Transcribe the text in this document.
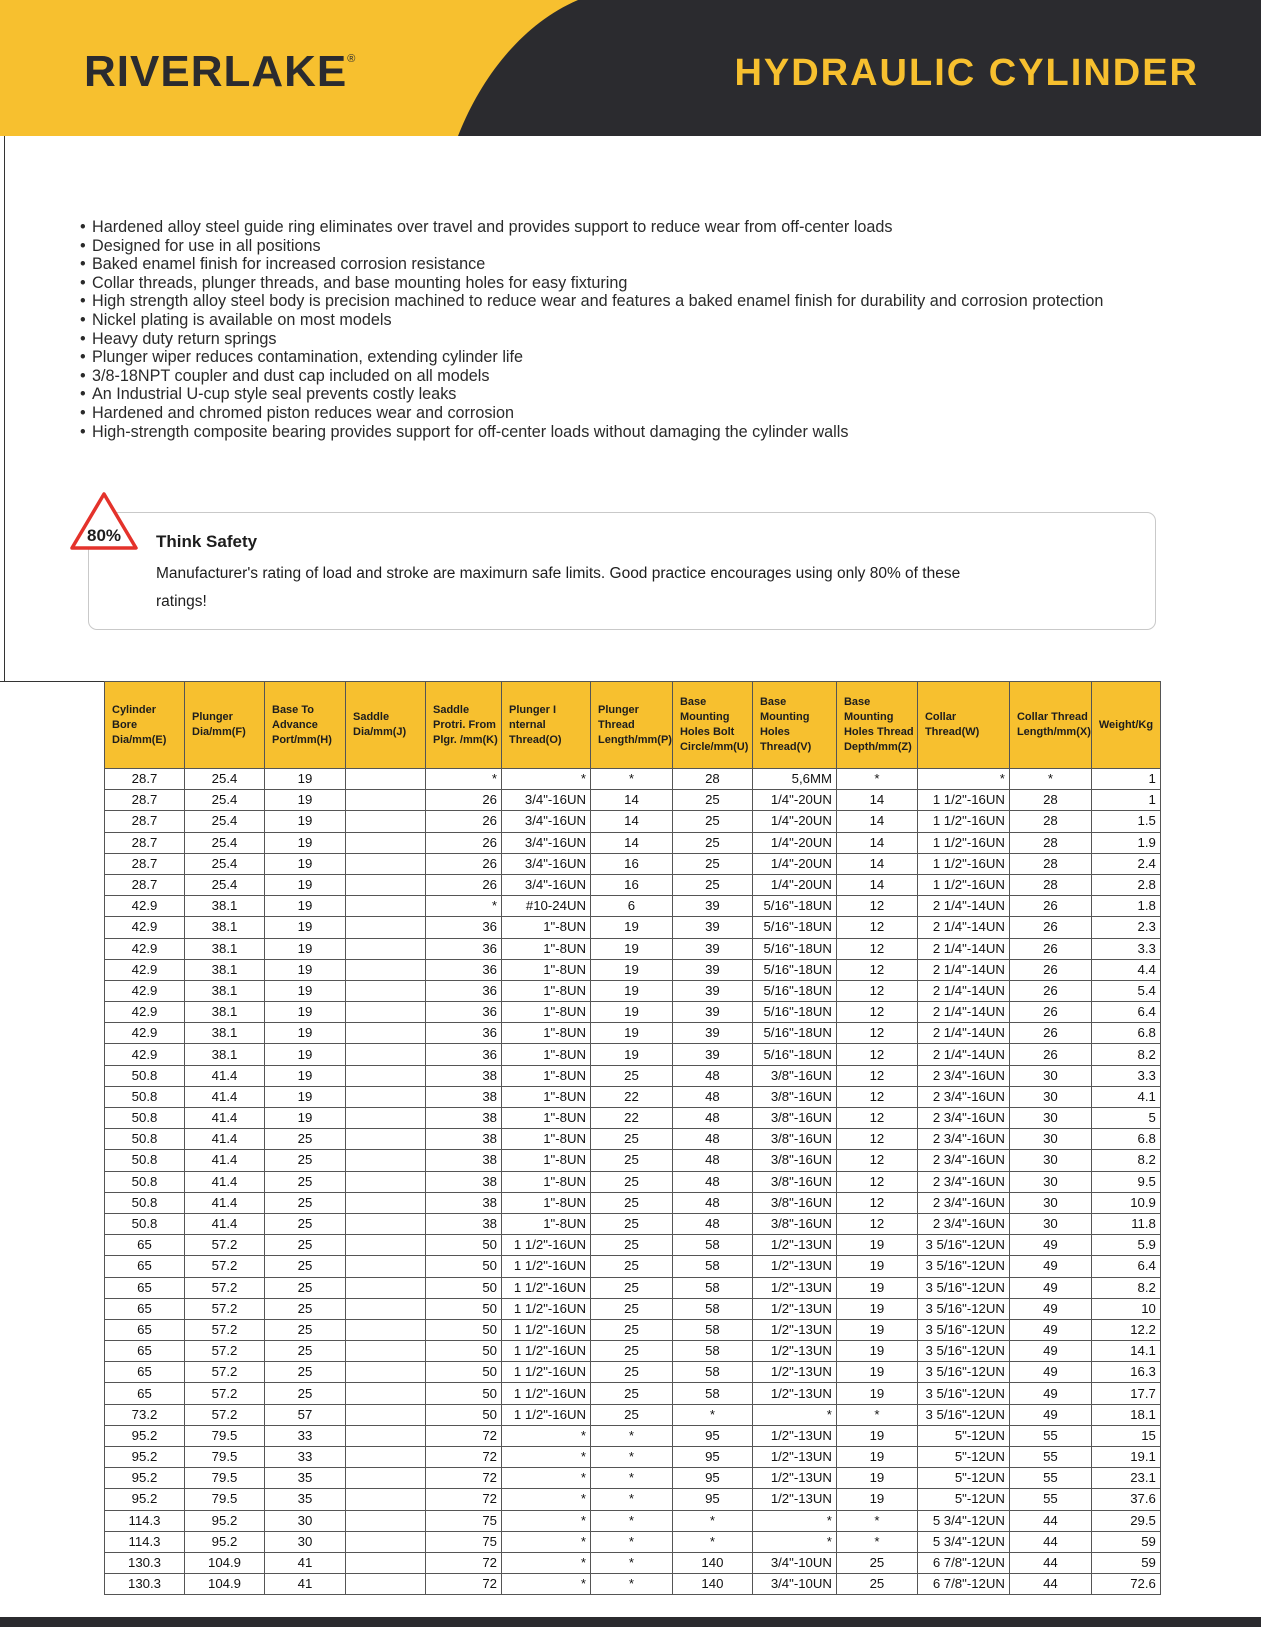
RIVERLAKE®	HYDRAULIC CYLINDER
• Hardened alloy steel guide ring eliminates over travel and provides support to reduce wear from off-center loads
• Designed for use in all positions
• Baked enamel finish for increased corrosion resistance
• Collar threads, plunger threads, and base mounting holes for easy fixturing
• High strength alloy steel body is precision machined to reduce wear and features a baked enamel finish for durability and corrosion protection
• Nickel plating is available on most models
• Heavy duty return springs
• Plunger wiper reduces contamination, extending cylinder life
• 3/8-18NPT coupler and dust cap included on all models
• An Industrial U-cup style seal prevents costly leaks
• Hardened and chromed piston reduces wear and corrosion
• High-strength composite bearing provides support for off-center loads without damaging the cylinder walls
80%	Think Safety
Manufacturer's rating of load and stroke are maximurn safe limits. Good practice encourages using only 80% of these ratings!
Cylinder Bore Dia/mm(E)	Plunger Dia/mm(F)	Base To Advance Port/mm(H)	Saddle Dia/mm(J)	Saddle Protri. From Plgr. /mm(K)	Plunger I nternal Thread(O)	Plunger Thread Length/mm(P)	Base Mounting Holes Bolt Circle/mm(U)	Base Mounting Holes Thread(V)	Base Mounting Holes Thread Depth/mm(Z)	Collar Thread(W)	Collar Thread Length/mm(X)	Weight/Kg
28.7	25.4	19		*	*	*	28	5,6MM	*	*	*	1
28.7	25.4	19		26	3/4"-16UN	14	25	1/4"-20UN	14	1 1/2"-16UN	28	1
28.7	25.4	19		26	3/4"-16UN	14	25	1/4"-20UN	14	1 1/2"-16UN	28	1.5
28.7	25.4	19		26	3/4"-16UN	14	25	1/4"-20UN	14	1 1/2"-16UN	28	1.9
28.7	25.4	19		26	3/4"-16UN	16	25	1/4"-20UN	14	1 1/2"-16UN	28	2.4
28.7	25.4	19		26	3/4"-16UN	16	25	1/4"-20UN	14	1 1/2"-16UN	28	2.8
42.9	38.1	19		*	#10-24UN	6	39	5/16"-18UN	12	2 1/4"-14UN	26	1.8
42.9	38.1	19		36	1"-8UN	19	39	5/16"-18UN	12	2 1/4"-14UN	26	2.3
42.9	38.1	19		36	1"-8UN	19	39	5/16"-18UN	12	2 1/4"-14UN	26	3.3
42.9	38.1	19		36	1"-8UN	19	39	5/16"-18UN	12	2 1/4"-14UN	26	4.4
42.9	38.1	19		36	1"-8UN	19	39	5/16"-18UN	12	2 1/4"-14UN	26	5.4
42.9	38.1	19		36	1"-8UN	19	39	5/16"-18UN	12	2 1/4"-14UN	26	6.4
42.9	38.1	19		36	1"-8UN	19	39	5/16"-18UN	12	2 1/4"-14UN	26	6.8
42.9	38.1	19		36	1"-8UN	19	39	5/16"-18UN	12	2 1/4"-14UN	26	8.2
50.8	41.4	19		38	1"-8UN	25	48	3/8"-16UN	12	2 3/4"-16UN	30	3.3
50.8	41.4	19		38	1"-8UN	22	48	3/8"-16UN	12	2 3/4"-16UN	30	4.1
50.8	41.4	19		38	1"-8UN	22	48	3/8"-16UN	12	2 3/4"-16UN	30	5
50.8	41.4	25		38	1"-8UN	25	48	3/8"-16UN	12	2 3/4"-16UN	30	6.8
50.8	41.4	25		38	1"-8UN	25	48	3/8"-16UN	12	2 3/4"-16UN	30	8.2
50.8	41.4	25		38	1"-8UN	25	48	3/8"-16UN	12	2 3/4"-16UN	30	9.5
50.8	41.4	25		38	1"-8UN	25	48	3/8"-16UN	12	2 3/4"-16UN	30	10.9
50.8	41.4	25		38	1"-8UN	25	48	3/8"-16UN	12	2 3/4"-16UN	30	11.8
65	57.2	25		50	1 1/2"-16UN	25	58	1/2"-13UN	19	3 5/16"-12UN	49	5.9
65	57.2	25		50	1 1/2"-16UN	25	58	1/2"-13UN	19	3 5/16"-12UN	49	6.4
65	57.2	25		50	1 1/2"-16UN	25	58	1/2"-13UN	19	3 5/16"-12UN	49	8.2
65	57.2	25		50	1 1/2"-16UN	25	58	1/2"-13UN	19	3 5/16"-12UN	49	10
65	57.2	25		50	1 1/2"-16UN	25	58	1/2"-13UN	19	3 5/16"-12UN	49	12.2
65	57.2	25		50	1 1/2"-16UN	25	58	1/2"-13UN	19	3 5/16"-12UN	49	14.1
65	57.2	25		50	1 1/2"-16UN	25	58	1/2"-13UN	19	3 5/16"-12UN	49	16.3
65	57.2	25		50	1 1/2"-16UN	25	58	1/2"-13UN	19	3 5/16"-12UN	49	17.7
73.2	57.2	57		50	1 1/2"-16UN	25	*	*	*	3 5/16"-12UN	49	18.1
95.2	79.5	33		72	*	*	95	1/2"-13UN	19	5"-12UN	55	15
95.2	79.5	33		72	*	*	95	1/2"-13UN	19	5"-12UN	55	19.1
95.2	79.5	35		72	*	*	95	1/2"-13UN	19	5"-12UN	55	23.1
95.2	79.5	35		72	*	*	95	1/2"-13UN	19	5"-12UN	55	37.6
114.3	95.2	30		75	*	*	*	*	*	5 3/4"-12UN	44	29.5
114.3	95.2	30		75	*	*	*	*	*	5 3/4"-12UN	44	59
130.3	104.9	41		72	*	*	140	3/4"-10UN	25	6 7/8"-12UN	44	59
130.3	104.9	41		72	*	*	140	3/4"-10UN	25	6 7/8"-12UN	44	72.6
